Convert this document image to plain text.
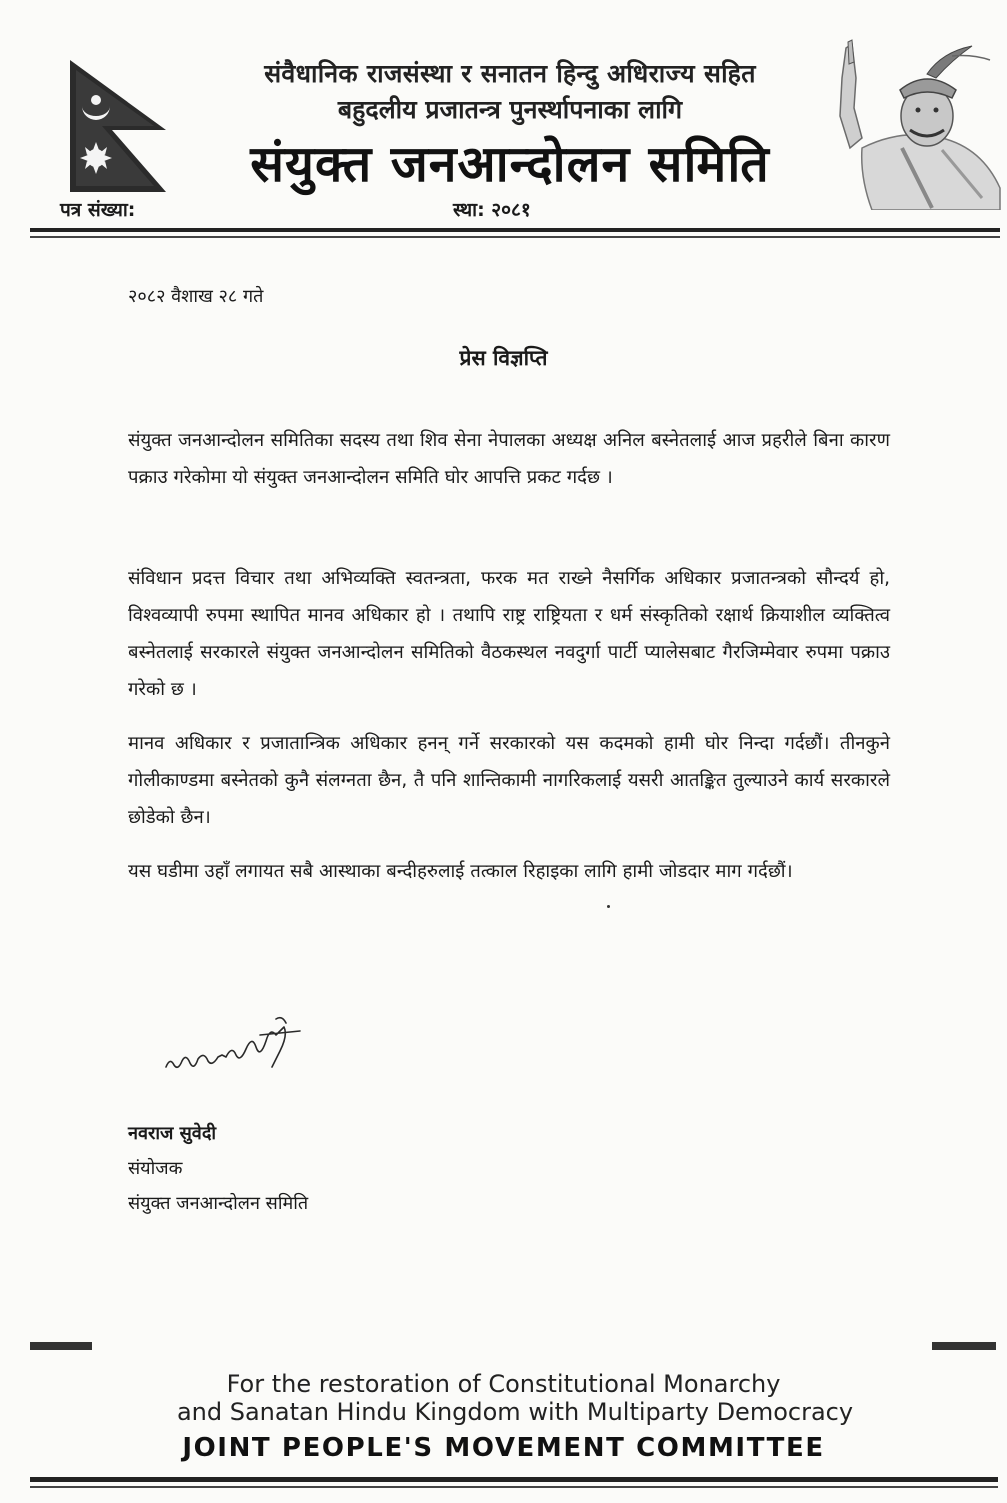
संवैधानिक राजसंस्था र सनातन हिन्दु अधिराज्य सहित
बहुदलीय प्रजातन्त्र पुनर्स्थापनाका लागि
संयुक्त जनआन्दोलन समिति
पत्र संख्या:	स्था: २०८१
२०८२ वैशाख २८ गते
प्रेस विज्ञप्ति
संयुक्त जनआन्दोलन समितिका सदस्य तथा शिव सेना नेपालका अध्यक्ष अनिल बस्नेतलाई आज प्रहरीले बिना कारण पक्राउ गरेकोमा यो संयुक्त जनआन्दोलन समिति घोर आपत्ति प्रकट गर्दछ ।
संविधान प्रदत्त विचार तथा अभिव्यक्ति स्वतन्त्रता, फरक मत राख्ने नैसर्गिक अधिकार प्रजातन्त्रको सौन्दर्य हो, विश्वव्यापी रुपमा स्थापित मानव अधिकार हो । तथापि राष्ट्र राष्ट्रियता र धर्म संस्कृतिको रक्षार्थ क्रियाशील व्यक्तित्व बस्नेतलाई सरकारले संयुक्त जनआन्दोलन समितिको वैठकस्थल नवदुर्गा पार्टी प्यालेसबाट गैरजिम्मेवार रुपमा पक्राउ गरेको छ ।
मानव अधिकार र प्रजातान्त्रिक अधिकार हनन् गर्ने सरकारको यस कदमको हामी घोर निन्दा गर्दछौं। तीनकुने गोलीकाण्डमा बस्नेतको कुनै संलग्नता छैन, तै पनि शान्तिकामी नागरिकलाई यसरी आतङ्कित तुल्याउने कार्य सरकारले छोडेको छैन।
यस घडीमा उहाँ लगायत सबै आस्थाका बन्दीहरुलाई तत्काल रिहाइका लागि हामी जोडदार माग गर्दछौं।
नवराज सुवेदी
संयोजक
संयुक्त जनआन्दोलन समिति
For the restoration of Constitutional Monarchy
and Sanatan Hindu Kingdom with Multiparty Democracy
JOINT PEOPLE'S MOVEMENT COMMITTEE
